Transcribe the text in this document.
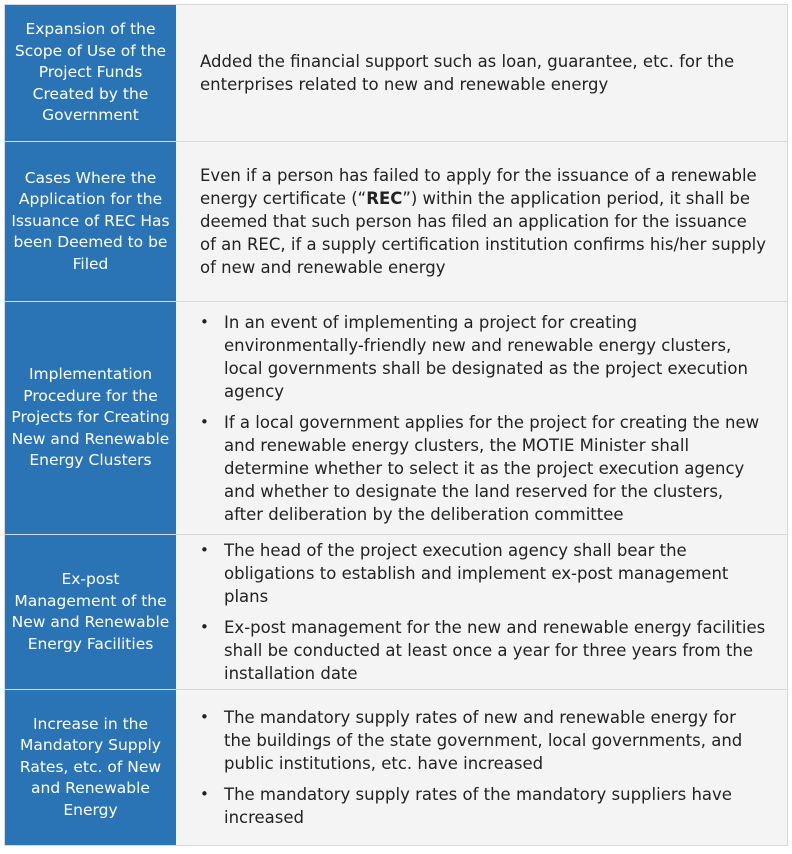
Expansion of the Scope of Use of the Project Funds Created by the Government
Added the financial support such as loan, guarantee, etc. for the enterprises related to new and renewable energy
Cases Where the Application for the Issuance of REC Has been Deemed to be Filed
Even if a person has failed to apply for the issuance of a renewable energy certificate (“REC”) within the application period, it shall be deemed that such person has filed an application for the issuance of an REC, if a supply certification institution confirms his/her supply of new and renewable energy
Implementation Procedure for the Projects for Creating New and Renewable Energy Clusters
• In an event of implementing a project for creating environmentally-friendly new and renewable energy clusters, local governments shall be designated as the project execution agency
• If a local government applies for the project for creating the new and renewable energy clusters, the MOTIE Minister shall determine whether to select it as the project execution agency and whether to designate the land reserved for the clusters, after deliberation by the deliberation committee
Ex-post Management of the New and Renewable Energy Facilities
• The head of the project execution agency shall bear the obligations to establish and implement ex-post management plans
• Ex-post management for the new and renewable energy facilities shall be conducted at least once a year for three years from the installation date
Increase in the Mandatory Supply Rates, etc. of New and Renewable Energy
• The mandatory supply rates of new and renewable energy for the buildings of the state government, local governments, and public institutions, etc. have increased
• The mandatory supply rates of the mandatory suppliers have increased
